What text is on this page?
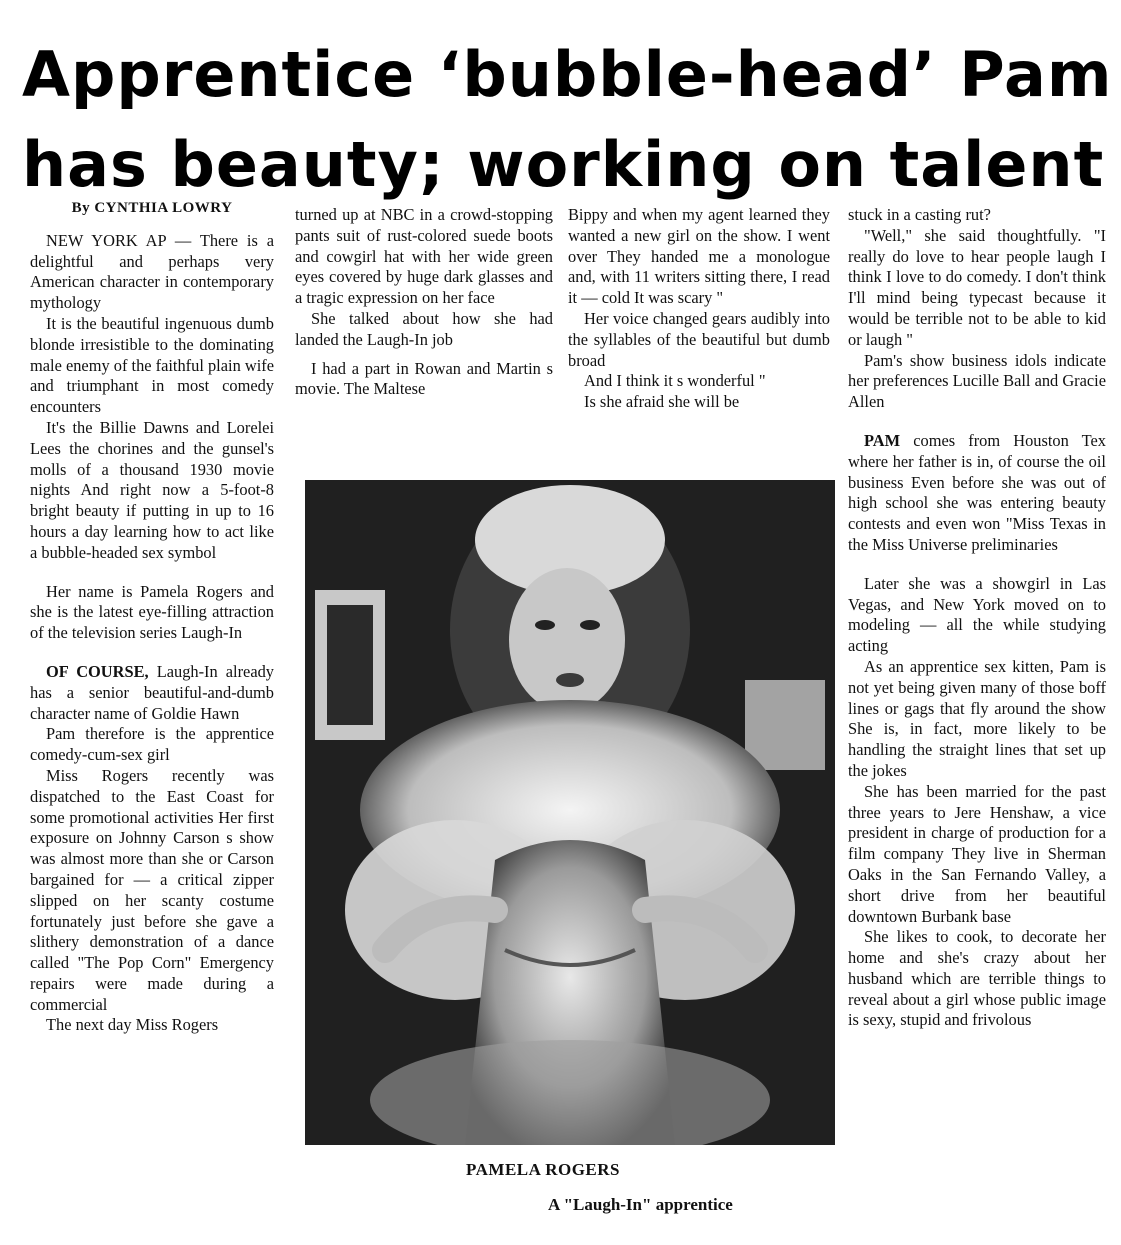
Apprentice ‘bubble-head’ Pam
has beauty; working on talent
By CYNTHIA LOWRY

NEW YORK AP — There is a delightful and perhaps very American character in contemporary mythology

It is the beautiful ingenuous dumb blonde irresistible to the dominating male enemy of the faithful plain wife and triumphant in most comedy encounters

It's the Billie Dawns and Lorelei Lees the chorines and the gunsel's molls of a thousand 1930 movie nights And right now a 5-foot-8 bright beauty if putting in up to 16 hours a day learning how to act like a bubble-headed sex symbol

Her name is Pamela Rogers and she is the latest eye-filling attraction of the television series Laugh-In

OF COURSE, Laugh-In already has a senior beautiful-and-dumb character name of Goldie Hawn

Pam therefore is the apprentice comedy-cum-sex girl

Miss Rogers recently was dispatched to the East Coast for some promotional activities Her first exposure on Johnny Carson s show was almost more than she or Carson bargained for — a critical zipper slipped on her scanty costume fortunately just before she gave a slithery demonstration of a dance called "The Pop Corn" Emergency repairs were made during a commercial

The next day Miss Rogers

turned up at NBC in a crowd-stopping pants suit of rust-colored suede boots and cowgirl hat with her wide green eyes covered by huge dark glasses and a tragic expression on her face

She talked about how she had landed the Laugh-In job

I had a part in Rowan and Martin s movie. The Maltese

Bippy and when my agent learned they wanted a new girl on the show. I went over They handed me a monologue and, with 11 writers sitting there, I read it — cold It was scary "

Her voice changed gears audibly into the syllables of the beautiful but dumb broad

And I think it s wonderful "

Is she afraid she will be

stuck in a casting rut?

"Well," she said thoughtfully. "I really do love to hear people laugh I think I love to do comedy. I don't think I'll mind being typecast because it would be terrible not to be able to kid or laugh "

Pam's show business idols indicate her preferences Lucille Ball and Gracie Allen

PAM comes from Houston Tex where her father is in, of course the oil business Even before she was out of high school she was entering beauty contests and even won "Miss Texas in the Miss Universe preliminaries

Later she was a showgirl in Las Vegas, and New York moved on to modeling — all the while studying acting

As an apprentice sex kitten, Pam is not yet being given many of those boff lines or gags that fly around the show She is, in fact, more likely to be handling the straight lines that set up the jokes

She has been married for the past three years to Jere Henshaw, a vice president in charge of production for a film company They live in Sherman Oaks in the San Fernando Valley, a short drive from her beautiful downtown Burbank base

She likes to cook, to decorate her home and she's crazy about her husband which are terrible things to reveal about a girl whose public image is sexy, stupid and frivolous

PAMELA ROGERS
A "Laugh-In" apprentice
